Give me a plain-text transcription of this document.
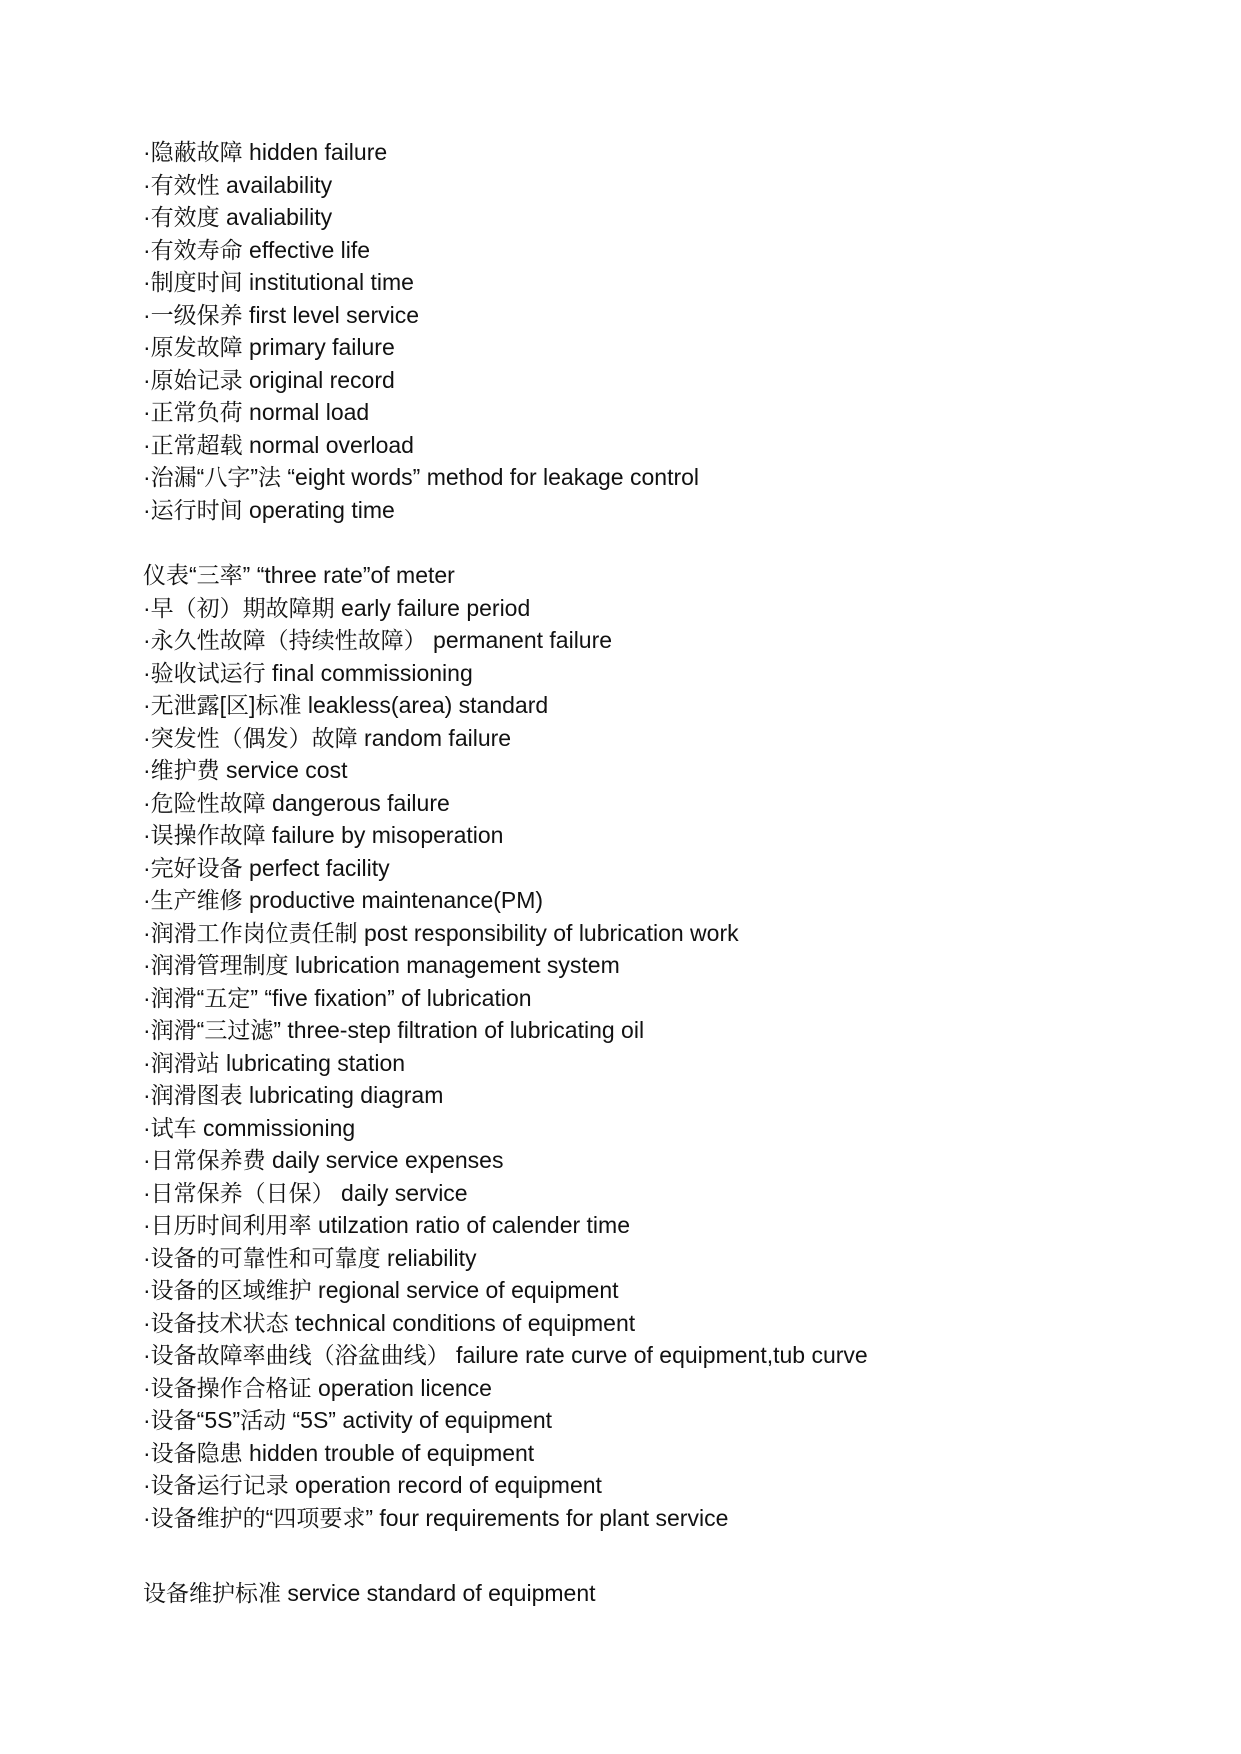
·隐蔽故障 hidden failure
·有效性 availability
·有效度 avaliability
·有效寿命 effective life
·制度时间 institutional time
·一级保养 first level service
·原发故障 primary failure
·原始记录 original record
·正常负荷 normal load
·正常超载 normal overload
·治漏“八字”法 “eight words” method for leakage control
·运行时间 operating time
仪表“三率” “three rate”of meter
·早（初）期故障期 early failure period
·永久性故障（持续性故障） permanent failure
·验收试运行 final commissioning
·无泄露[区]标准 leakless(area) standard
·突发性（偶发）故障 random failure
·维护费 service cost
·危险性故障 dangerous failure
·误操作故障 failure by misoperation
·完好设备 perfect facility
·生产维修 productive maintenance(PM)
·润滑工作岗位责任制 post responsibility of lubrication work
·润滑管理制度 lubrication management system
·润滑“五定” “five fixation” of lubrication
·润滑“三过滤” three-step filtration of lubricating oil
·润滑站 lubricating station
·润滑图表 lubricating diagram
·试车 commissioning
·日常保养费 daily service expenses
·日常保养（日保） daily service
·日历时间利用率 utilzation ratio of calender time
·设备的可靠性和可靠度 reliability
·设备的区域维护 regional service of equipment
·设备技术状态 technical conditions of equipment
·设备故障率曲线（浴盆曲线） failure rate curve of equipment,tub curve
·设备操作合格证 operation licence
·设备“5S”活动 “5S” activity of equipment
·设备隐患 hidden trouble of equipment
·设备运行记录 operation record of equipment
·设备维护的“四项要求” four requirements for plant service
设备维护标准 service standard of equipment
